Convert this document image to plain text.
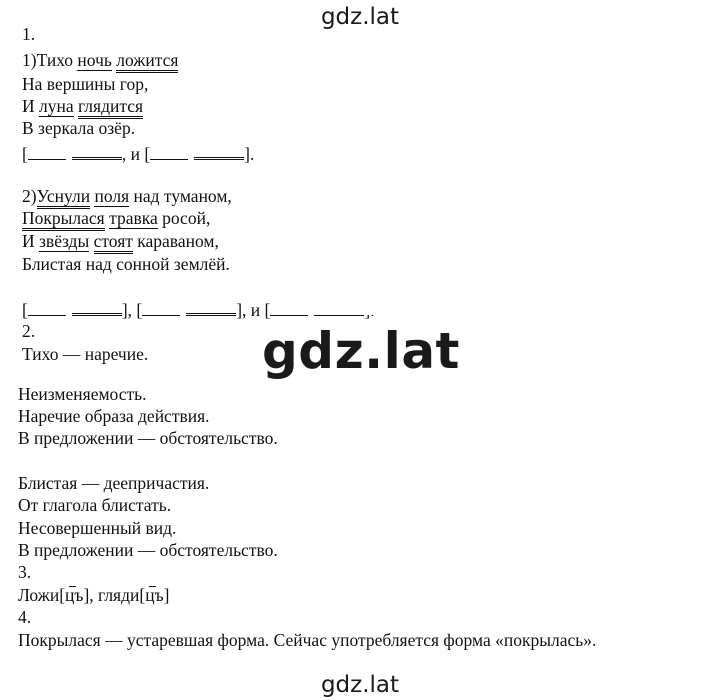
gdz.lat
1.
1)Тихо ночь ложится
На вершины гор,
И луна глядится
В зеркала озёр.
[	, и [	].
2)Уснули поля над туманом,
Покрылася травка росой,
И звёзды стоят караваном,
Блистая над сонной землёй.
[	], [	], и [
2.
Тихо — наречие. gdz.lat
Неизменяемость.
Наречие образа действия.
В предложении — обстоятельство.
Блистая — деепричастия.
От глагола блистать.
Несовершенный вид.
В предложении — обстоятельство.
3.
Ложи[цъ], гляди[цъ]
4.
Покрылася — устаревшая форма. Сейчас употребляется форма «покрылась».
gdz.lat
